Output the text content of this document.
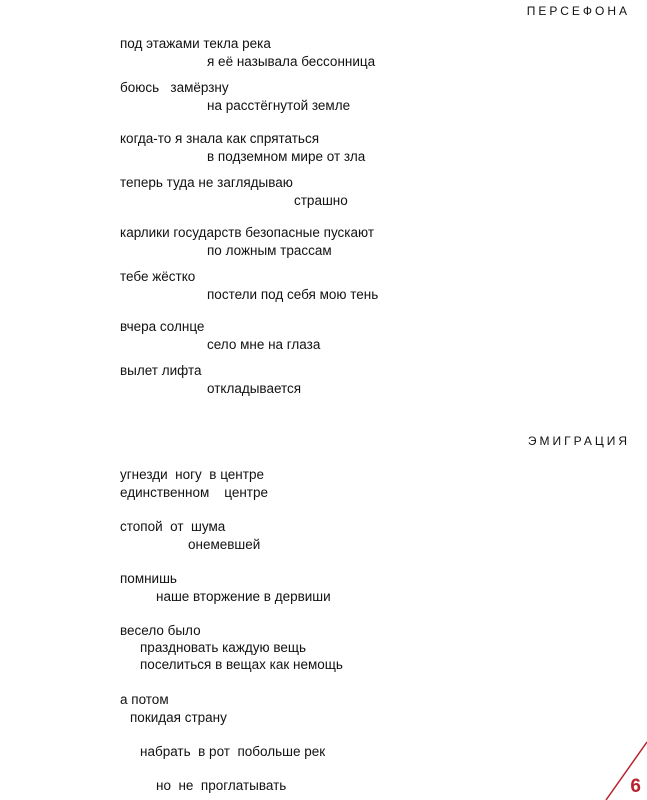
ПЕРСЕФОНА
под этажами текла река
я её называла бессонница
боюсь   замёрзну
на расстёгнутой земле
когда-то я знала как спрятаться
в подземном мире от зла
теперь туда не заглядываю
страшно
карлики государств безопасные пускают
по ложным трассам
тебе жёстко
постели под себя мою тень
вчера солнце
село мне на глаза
вылет лифта
откладывается
ЭМИГРАЦИЯ
угнезди  ногу  в центре
единственном    центре
стопой  от  шума
онемевшей
помнишь
наше вторжение в дервиши
весело было
праздновать каждую вещь
поселиться в вещах как немощь
а потом
покидая страну
набрать  в рот  побольше рек
но  не  проглатывать	6
